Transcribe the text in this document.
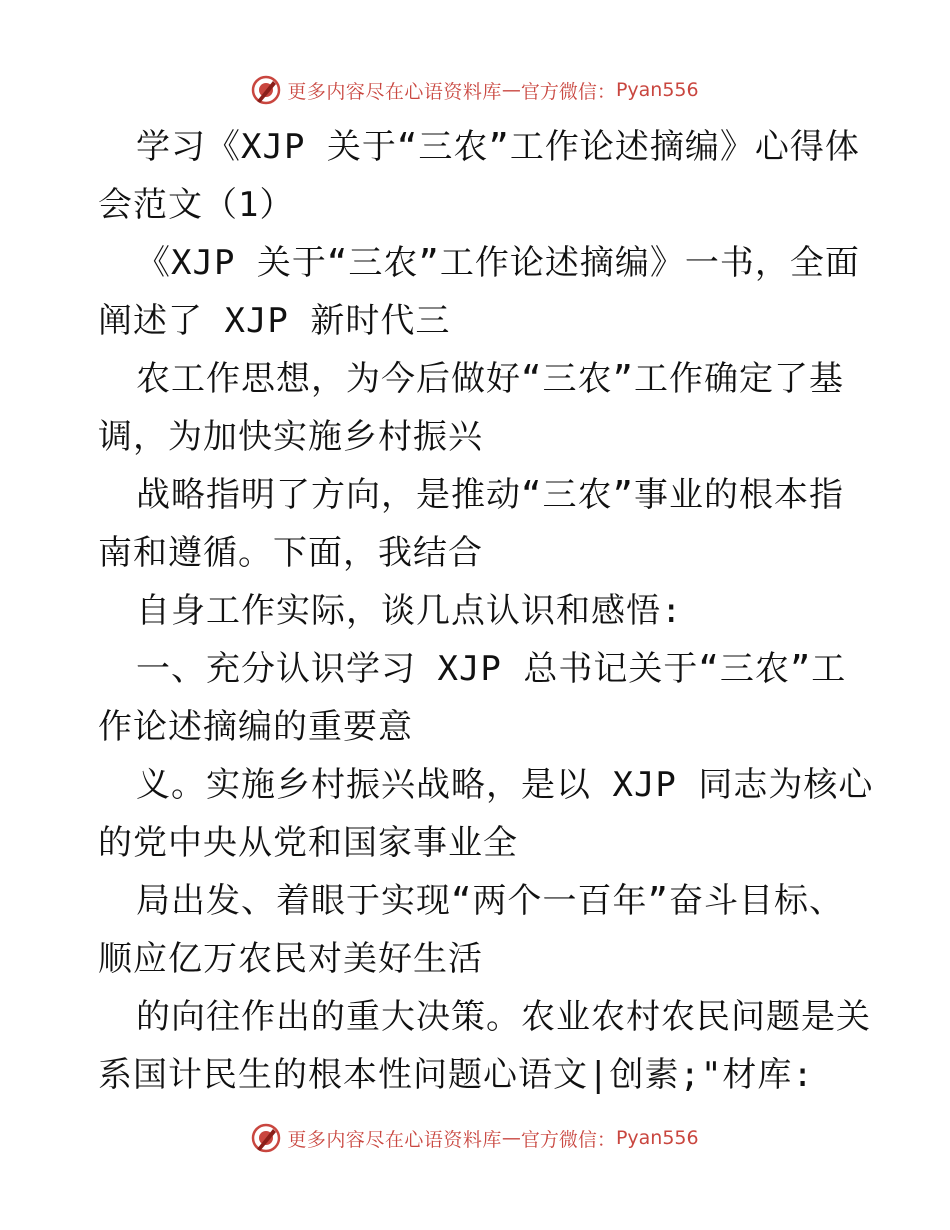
更多内容尽在心语资料库 — 官方微信： Pyan556
学习《XJP 关于“三农”工作论述摘编》心得体
会范文（1）
《XJP 关于“三农”工作论述摘编》一书，全面
阐述了 XJP 新时代三
农工作思想，为今后做好“三农”工作确定了基
调，为加快实施乡村振兴
战略指明了方向，是推动“三农”事业的根本指
南和遵循。下面，我结合
自身工作实际，谈几点认识和感悟:
一、充分认识学习 XJP 总书记关于“三农”工
作论述摘编的重要意
义。实施乡村振兴战略，是以 XJP 同志为核心
的党中央从党和国家事业全
局出发、着眼于实现“两个一百年”奋斗目标、
顺应亿万农民对美好生活
的向往作出的重大决策。农业农村农民问题是关
系国计民生的根本性问题心语文|创素;"材库:
更多内容尽在心语资料库 — 官方微信： Pyan556
